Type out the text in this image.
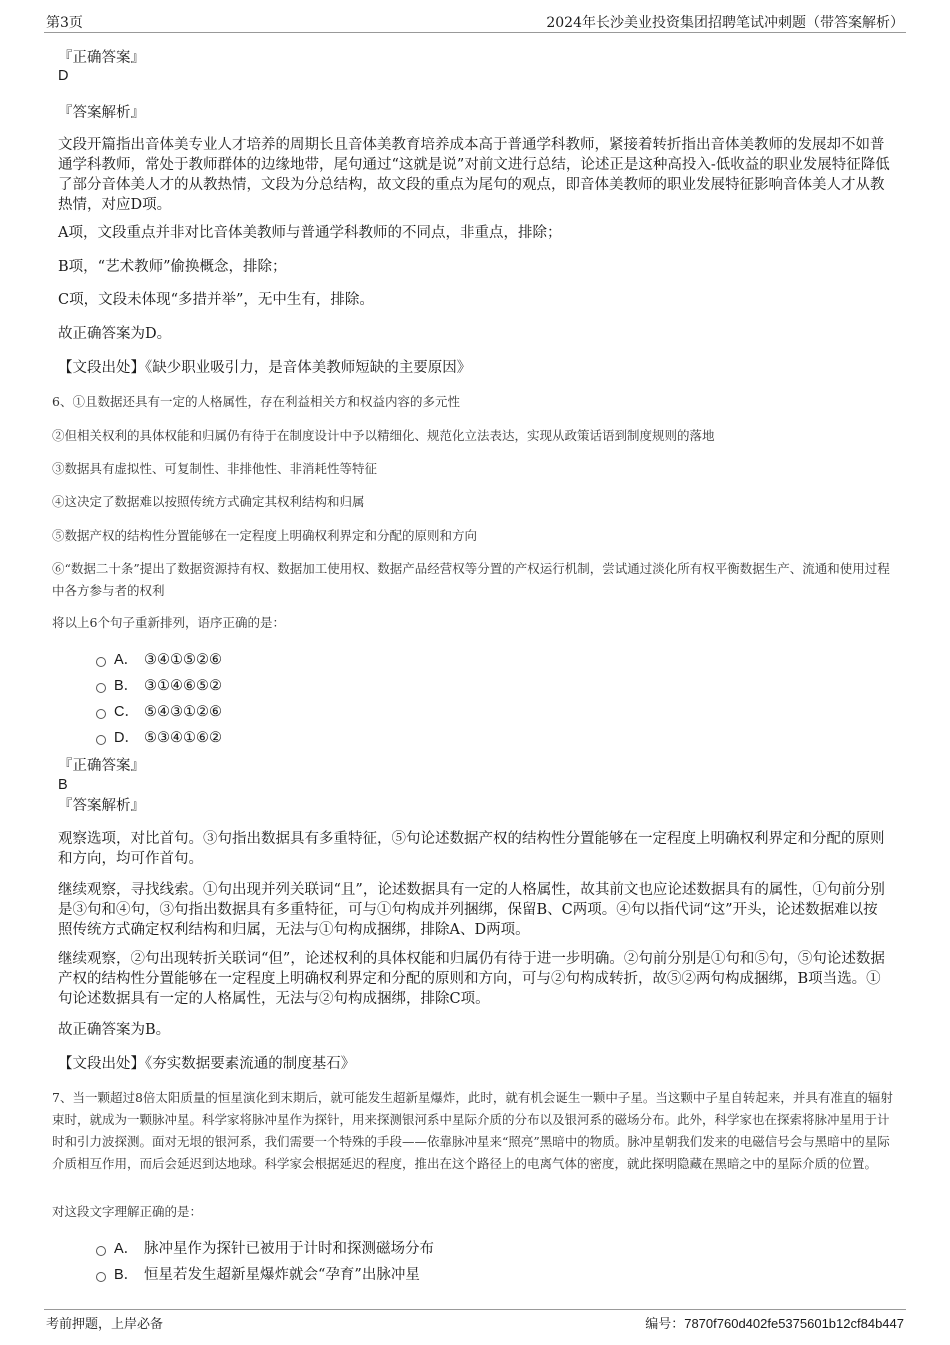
第3页	2024年长沙美业投资集团招聘笔试冲刺题（带答案解析）
『正确答案』
D
『答案解析』
文段开篇指出音体美专业人才培养的周期长且音体美教育培养成本高于普通学科教师，紧接着转折指出音体美教师的发展却不如普通学科教师，常处于教师群体的边缘地带，尾句通过“这就是说”对前文进行总结，论述正是这种高投入-低收益的职业发展特征降低了部分音体美人才的从教热情，文段为分总结构，故文段的重点为尾句的观点，即音体美教师的职业发展特征影响音体美人才从教热情，对应D项。
A项，文段重点并非对比音体美教师与普通学科教师的不同点，非重点，排除；
B项，“艺术教师”偷换概念，排除；
C项，文段未体现“多措并举”，无中生有，排除。
故正确答案为D。
【文段出处】《缺少职业吸引力，是音体美教师短缺的主要原因》
6、①且数据还具有一定的人格属性，存在利益相关方和权益内容的多元性
②但相关权利的具体权能和归属仍有待于在制度设计中予以精细化、规范化立法表达，实现从政策话语到制度规则的落地
③数据具有虚拟性、可复制性、非排他性、非消耗性等特征
④这决定了数据难以按照传统方式确定其权利结构和归属
⑤数据产权的结构性分置能够在一定程度上明确权利界定和分配的原则和方向
⑥“数据二十条”提出了数据资源持有权、数据加工使用权、数据产品经营权等分置的产权运行机制，尝试通过淡化所有权平衡数据生产、流通和使用过程中各方参与者的权利
将以上6个句子重新排列，语序正确的是：
A． ③④①⑤②⑥
B． ③①④⑥⑤②
C． ⑤④③①②⑥
D． ⑤③④①⑥②
『正确答案』
B
『答案解析』
观察选项，对比首句。③句指出数据具有多重特征，⑤句论述数据产权的结构性分置能够在一定程度上明确权利界定和分配的原则和方向，均可作首句。
继续观察，寻找线索。①句出现并列关联词“且”，论述数据具有一定的人格属性，故其前文也应论述数据具有的属性，①句前分别是③句和④句，③句指出数据具有多重特征，可与①句构成并列捆绑，保留B、C两项。④句以指代词“这”开头，论述数据难以按照传统方式确定权利结构和归属，无法与①句构成捆绑，排除A、D两项。
继续观察，②句出现转折关联词“但”，论述权利的具体权能和归属仍有待于进一步明确。②句前分别是①句和⑤句，⑤句论述数据产权的结构性分置能够在一定程度上明确权利界定和分配的原则和方向，可与②句构成转折，故⑤②两句构成捆绑，B项当选。①句论述数据具有一定的人格属性，无法与②句构成捆绑，排除C项。
故正确答案为B。
【文段出处】《夯实数据要素流通的制度基石》
7、当一颗超过8倍太阳质量的恒星演化到末期后，就可能发生超新星爆炸，此时，就有机会诞生一颗中子星。当这颗中子星自转起来，并具有准直的辐射束时，就成为一颗脉冲星。科学家将脉冲星作为探针，用来探测银河系中星际介质的分布以及银河系的磁场分布。此外，科学家也在探索将脉冲星用于计时和引力波探测。面对无垠的银河系，我们需要一个特殊的手段——依靠脉冲星来“照亮”黑暗中的物质。脉冲星朝我们发来的电磁信号会与黑暗中的星际介质相互作用，而后会延迟到达地球。科学家会根据延迟的程度，推出在这个路径上的电离气体的密度，就此探明隐藏在黑暗之中的星际介质的位置。
对这段文字理解正确的是：
A． 脉冲星作为探针已被用于计时和探测磁场分布
B． 恒星若发生超新星爆炸就会“孕育”出脉冲星
考前押题，上岸必备	编号：7870f760d402fe5375601b12cf84b447
